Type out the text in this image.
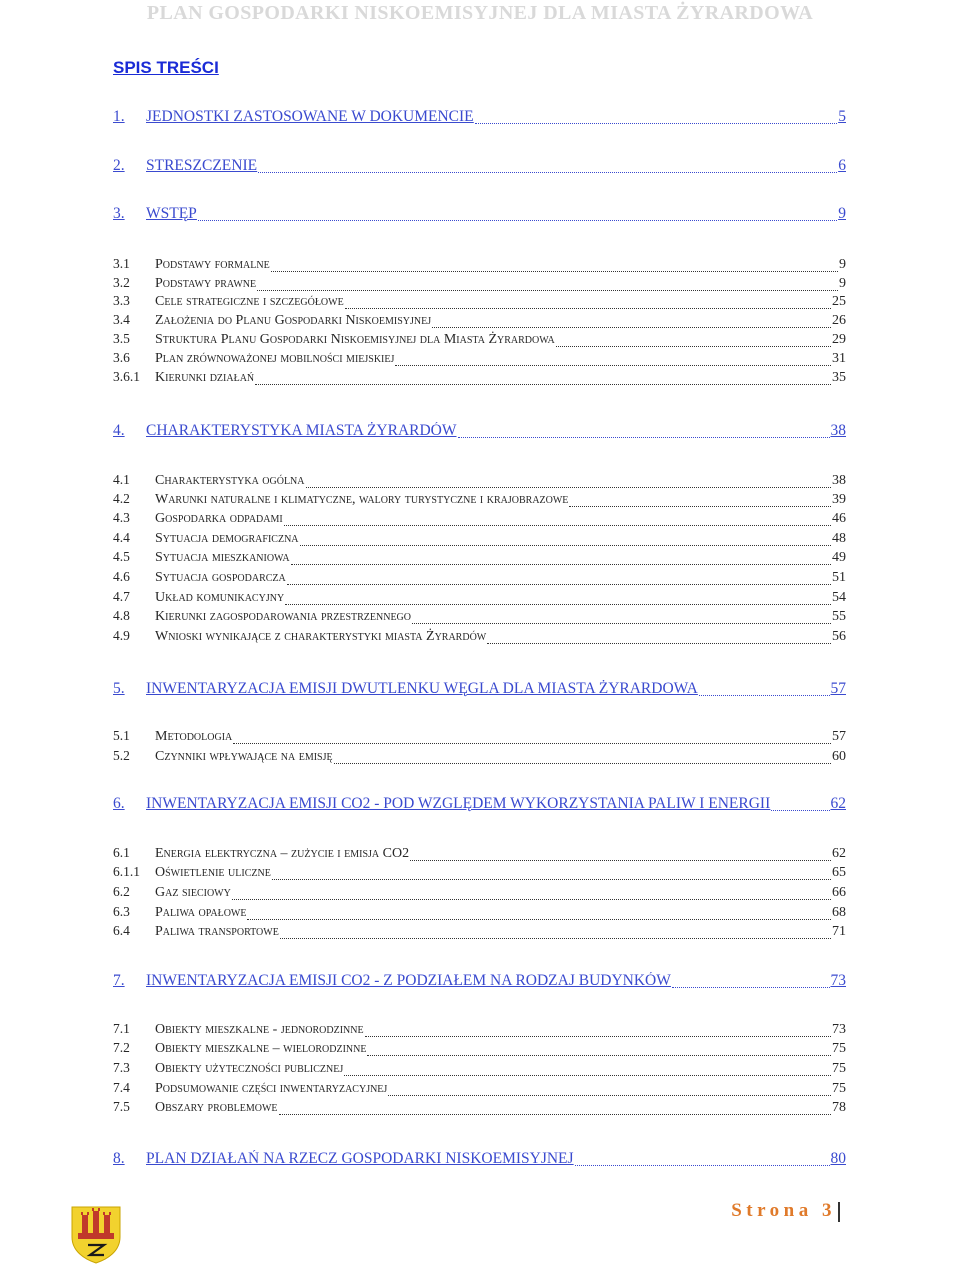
PLAN GOSPODARKI NISKOEMISYJNEJ DLA MIASTA ŻYRARDOWA
SPIS TREŚCI
1.	JEDNOSTKI ZASTOSOWANE W DOKUMENCIE	5
2.	STRESZCZENIE	6
3.	WSTĘP	9
3.1	Podstawy formalne	9
3.2	Podstawy prawne	9
3.3	Cele strategiczne i szczegółowe	25
3.4	Założenia do Planu Gospodarki Niskoemisyjnej	26
3.5	Struktura Planu Gospodarki Niskoemisyjnej dla Miasta Żyrardowa	29
3.6	Plan zrównoważonej mobilności miejskiej	31
3.6.1	Kierunki działań	35
4.	CHARAKTERYSTYKA MIASTA ŻYRARDÓW	38
4.1	Charakterystyka ogólna	38
4.2	Warunki naturalne i klimatyczne, walory turystyczne i krajobrazowe	39
4.3	Gospodarka odpadami	46
4.4	Sytuacja demograficzna	48
4.5	Sytuacja mieszkaniowa	49
4.6	Sytuacja gospodarcza	51
4.7	Układ komunikacyjny	54
4.8	Kierunki zagospodarowania przestrzennego	55
4.9	Wnioski wynikające z charakterystyki miasta Żyrardów	56
5.	INWENTARYZACJA EMISJI DWUTLENKU WĘGLA DLA MIASTA ŻYRARDOWA	57
5.1	Metodologia	57
5.2	Czynniki wpływające na emisję	60
6.	INWENTARYZACJA EMISJI CO2 - POD WZGLĘDEM WYKORZYSTANIA PALIW I ENERGII	62
6.1	Energia elektryczna – zużycie i emisja CO2	62
6.1.1	Oświetlenie uliczne	65
6.2	Gaz sieciowy	66
6.3	Paliwa opałowe	68
6.4	Paliwa transportowe	71
7.	INWENTARYZACJA EMISJI CO2 - Z PODZIAŁEM NA RODZAJ BUDYNKÓW	73
7.1	Obiekty mieszkalne - jednorodzinne	73
7.2	Obiekty mieszkalne – wielorodzinne	75
7.3	Obiekty użyteczności publicznej	75
7.4	Podsumowanie części inwentaryzacyjnej	75
7.5	Obszary problemowe	78
8.	PLAN DZIAŁAŃ NA RZECZ GOSPODARKI NISKOEMISYJNEJ	80
Strona 3
